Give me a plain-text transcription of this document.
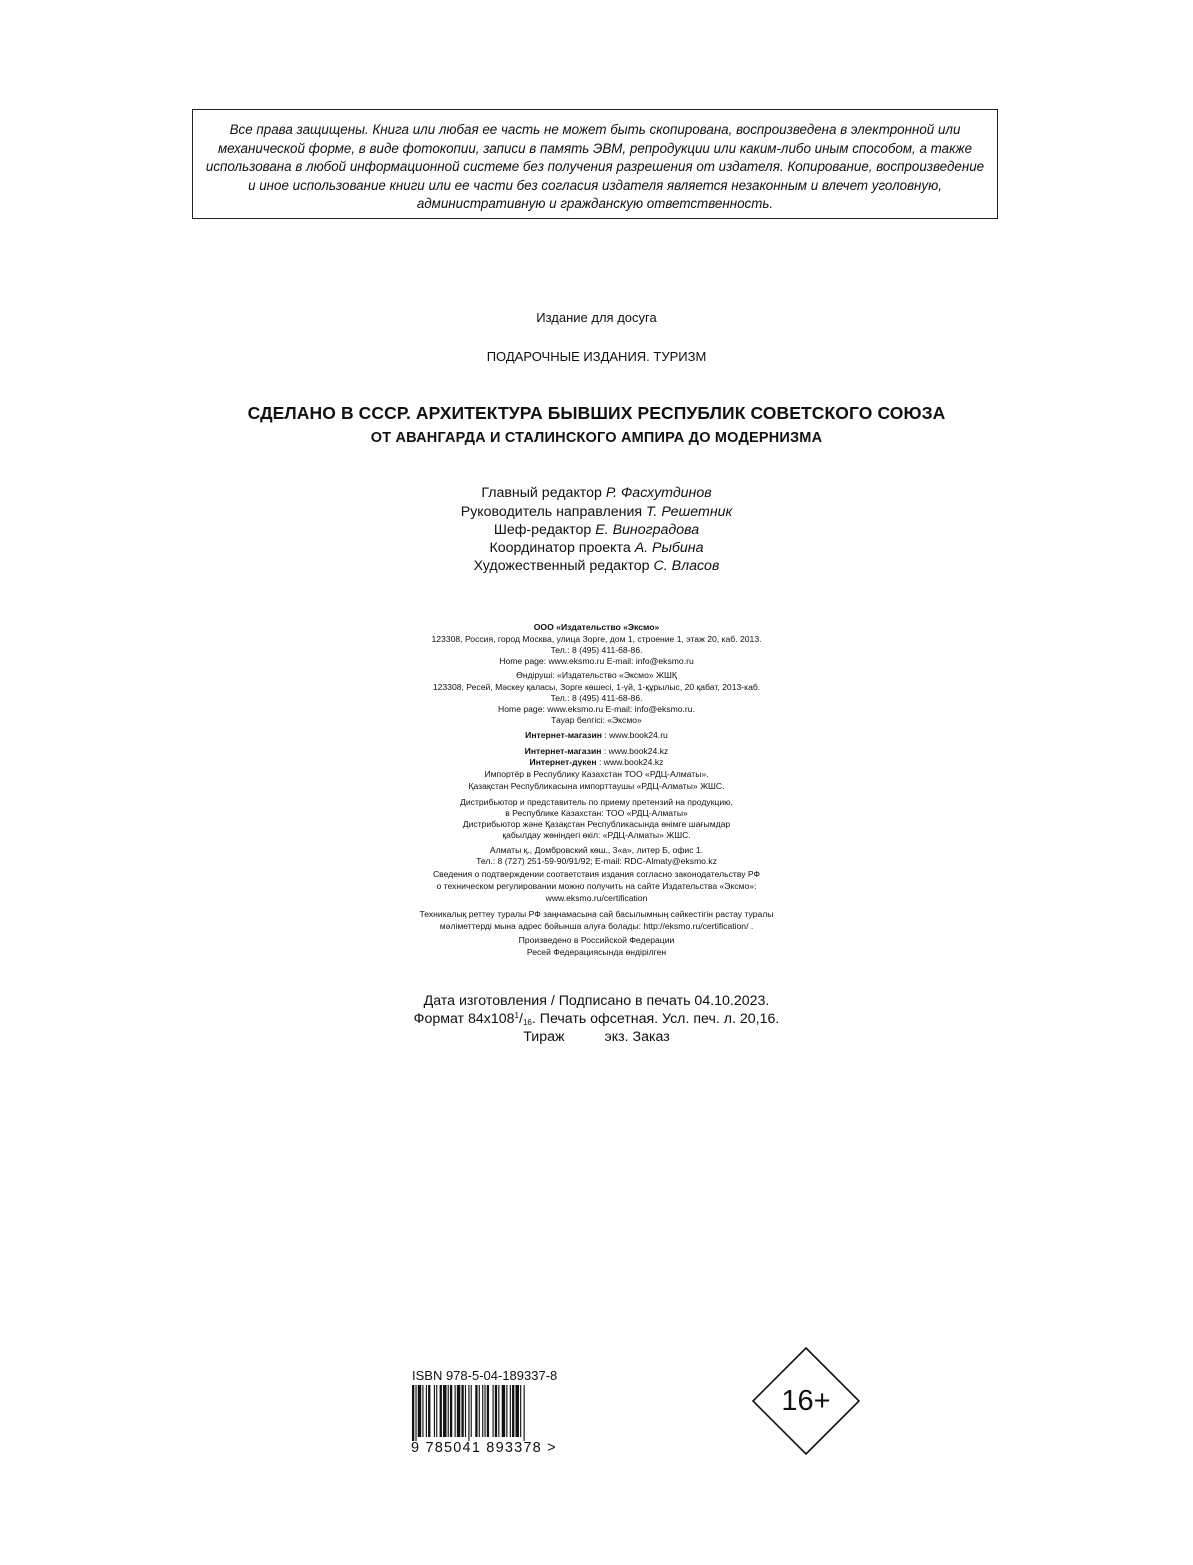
Все права защищены. Книга или любая ее часть не может быть скопирована, воспроизведена в электронной или механической форме, в виде фотокопии, записи в память ЭВМ, репродукции или каким-либо иным способом, а также использована в любой информационной системе без получения разрешения от издателя. Копирование, воспроизведение и иное использование книги или ее части без согласия издателя является незаконным и влечет уголовную, административную и гражданскую ответственность.

Издание для досуга
ПОДАРОЧНЫЕ ИЗДАНИЯ. ТУРИЗМ
СДЕЛАНО В СССР. АРХИТЕКТУРА БЫВШИХ РЕСПУБЛИК СОВЕТСКОГО СОЮЗА
ОТ АВАНГАРДА И СТАЛИНСКОГО АМПИРА ДО МОДЕРНИЗМА
Главный редактор Р. Фасхутдинов
Руководитель направления Т. Решетник
Шеф-редактор Е. Виноградова
Координатор проекта А. Рыбина
Художественный редактор С. Власов
ООО «Издательство «Эксмо»
123308, Россия, город Москва, улица Зорге, дом 1, строение 1, этаж 20, каб. 2013.
Тел.: 8 (495) 411-68-86.
Home page: www.eksmo.ru E-mail: info@eksmo.ru
Өндіруші: «Издательство «Эксмо» ЖШҚ
123308, Ресей, Мәскеу қаласы, Зорге көшесі, 1-үй, 1-құрылыс, 20 қабат, 2013-каб.
Тел.: 8 (495) 411-68-86.
Home page: www.eksmo.ru E-mail: info@eksmo.ru.
Тауар белгісі: «Эксмо»
Интернет-магазин : www.book24.ru
Интернет-магазин : www.book24.kz
Интернет-дүкен : www.book24.kz
Импортёр в Республику Казахстан ТОО «РДЦ-Алматы».
Қазақстан Республикасына импорттаушы «РДЦ-Алматы» ЖШС.
Дистрибьютор и представитель по приему претензий на продукцию,
в Республике Казахстан: ТОО «РДЦ-Алматы»
Дистрибьютор және Қазақстан Республикасында өнімге шағымдар
қабылдау жөніндегі өкіл: «РДЦ-Алматы» ЖШС.
Алматы қ., Домбровский көш., 3«а», литер Б, офис 1.
Тел.: 8 (727) 251-59-90/91/92; E-mail: RDC-Almaty@eksmo.kz
Сведения о подтверждении соответствия издания согласно законодательству РФ
о техническом регулировании можно получить на сайте Издательства «Эксмо»:
www.eksmo.ru/certification
Техникалық реттеу туралы РФ заңнамасына сай басылымның сәйкестігін растау туралы
мәліметтерді мына адрес бойынша алуға болады: http://eksmo.ru/certification/ .
Произведено в Российской Федерации
Ресей Федерациясында өндірілген
Дата изготовления / Подписано в печать 04.10.2023.
Формат $84x108^1/_{16}$. Печать офсетная. Усл. печ. л. 20,16.
Тираж	экз. Заказ
ISBN 978-5-04-189337-8
9 785041 893378 >
16+
